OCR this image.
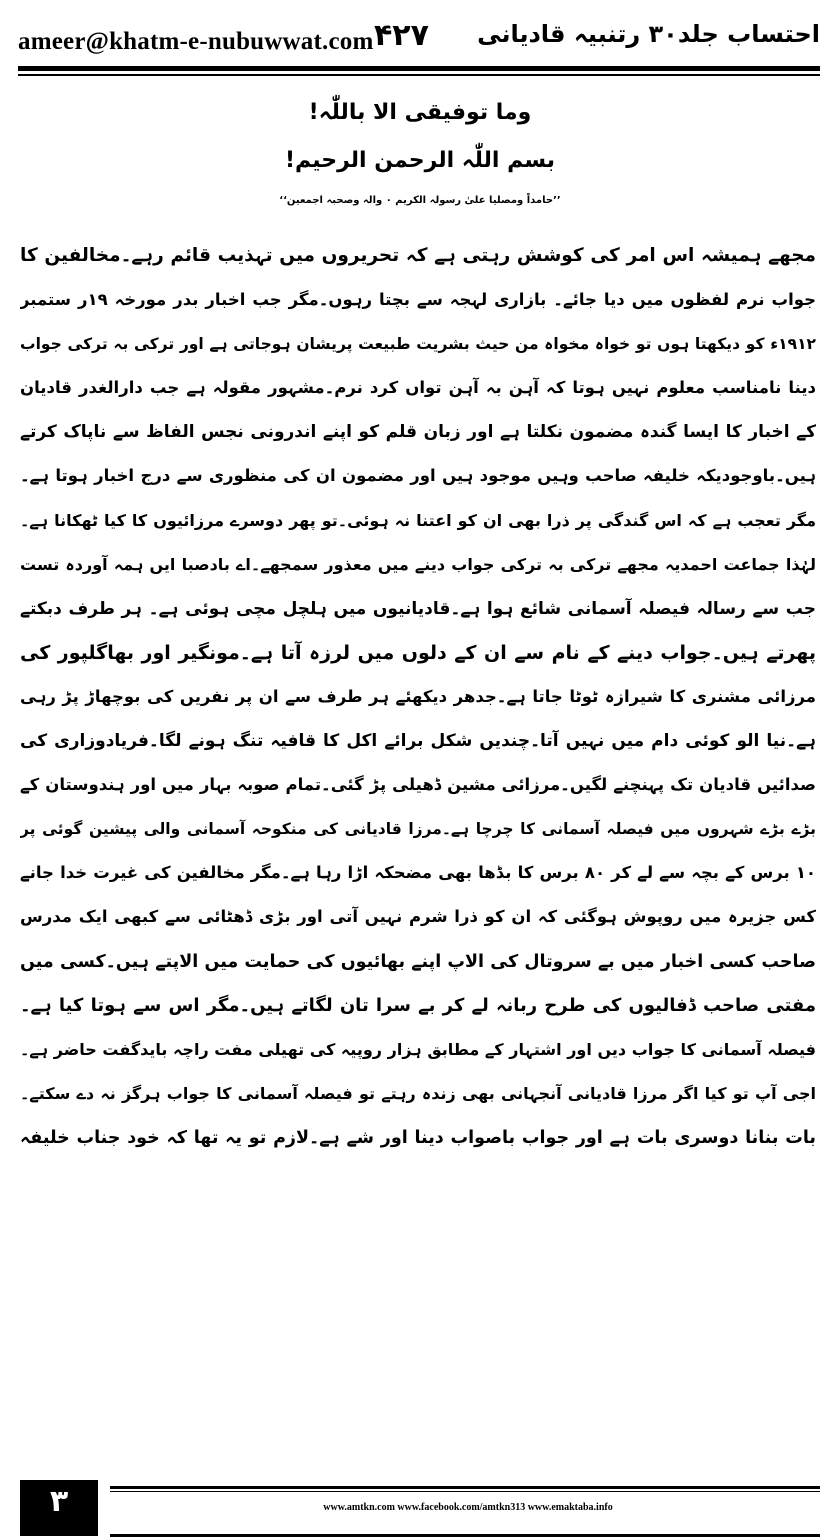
ameer@khatm-e-nubuwwat.com ۴۲۷ احتساب جلد۳۰ رتنبیہ قادیانی
وما توفیقی الا باللّٰہ!
بسم اللّٰہ الرحمن الرحیم!
’’حامداً ومصلیا علیٰ رسولہ الکریم ۰ والہ وصحبہ اجمعین‘‘
مجھے ہمیشہ اس امر کی کوشش رہتی ہے کہ تحریروں میں تہذیب قائم رہے۔مخالفین کا
جواب نرم لفظوں میں دیا جائے۔ بازاری لہجہ سے بچتا رہوں۔مگر جب اخبار بدر مورخہ ۱۹ر ستمبر
۱۹۱۲ء کو دیکھتا ہوں تو خواہ مخواہ من حیث بشریت طبیعت پریشان ہوجاتی ہے اور ترکی بہ ترکی جواب
دینا نامناسب معلوم نہیں ہوتا کہ آہن بہ آہن تواں کرد نرم۔مشہور مقولہ ہے جب دارالغدر قادیان
کے اخبار کا ایسا گندہ مضمون نکلتا ہے اور زبان قلم کو اپنے اندرونی نجس الفاظ سے ناپاک کرتے
ہیں۔باوجودیکہ خلیفہ صاحب وہیں موجود ہیں اور مضمون ان کی منظوری سے درج اخبار ہوتا ہے۔
مگر تعجب ہے کہ اس گندگی پر ذرا بھی ان کو اعتنا نہ ہوئی۔تو پھر دوسرے مرزائیوں کا کیا ٹھکانا ہے۔
لہٰذا جماعت احمدیہ مجھے ترکی بہ ترکی جواب دینے میں معذور سمجھے۔اے بادصبا ایں ہمہ آوردہ تست
جب سے رسالہ فیصلہ آسمانی شائع ہوا ہے۔قادیانیوں میں ہلچل مچی ہوئی ہے۔ ہر طرف دبکتے
پھرتے ہیں۔جواب دینے کے نام سے ان کے دلوں میں لرزہ آتا ہے۔مونگیر اور بھاگلپور کی
مرزائی مشنری کا شیرازہ ٹوٹا جاتا ہے۔جدھر دیکھئے ہر طرف سے ان پر نفریں کی بوچھاڑ پڑ رہی
ہے۔نیا الو کوئی دام میں نہیں آتا۔چندیں شکل برائے اکل کا قافیہ تنگ ہونے لگا۔فریادوزاری کی
صدائیں قادیان تک پہنچنے لگیں۔مرزائی مشین ڈھیلی پڑ گئی۔تمام صوبہ بہار میں اور ہندوستان کے
بڑے بڑے شہروں میں فیصلہ آسمانی کا چرچا ہے۔مرزا قادیانی کی منکوحہ آسمانی والی پیشین گوئی پر
۱۰ برس کے بچہ سے لے کر ۸۰ برس کا بڈھا بھی مضحکہ اڑا رہا ہے۔مگر مخالفین کی غیرت خدا جانے
کس جزیرہ میں روپوش ہوگئی کہ ان کو ذرا شرم نہیں آتی اور بڑی ڈھٹائی سے کبھی ایک مدرس
صاحب کسی اخبار میں بے سروتال کی الاپ اپنے بھائیوں کی حمایت میں الاپتے ہیں۔کسی میں
مفتی صاحب ڈفالیوں کی طرح ربانہ لے کر بے سرا تان لگاتے ہیں۔مگر اس سے ہوتا کیا ہے۔
فیصلہ آسمانی کا جواب دیں اور اشتہار کے مطابق ہزار روپیہ کی تھیلی مفت راچہ بایدگفت حاضر ہے۔
اجی آپ تو کیا اگر مرزا قادیانی آنجہانی بھی زندہ رہتے تو فیصلہ آسمانی کا جواب ہرگز نہ دے سکتے۔
بات بنانا دوسری بات ہے اور جواب باصواب دینا اور شے ہے۔لازم تو یہ تھا کہ خود جناب خلیفہ
۳	www.amtkn.com www.facebook.com/amtkn313 www.emaktaba.info
